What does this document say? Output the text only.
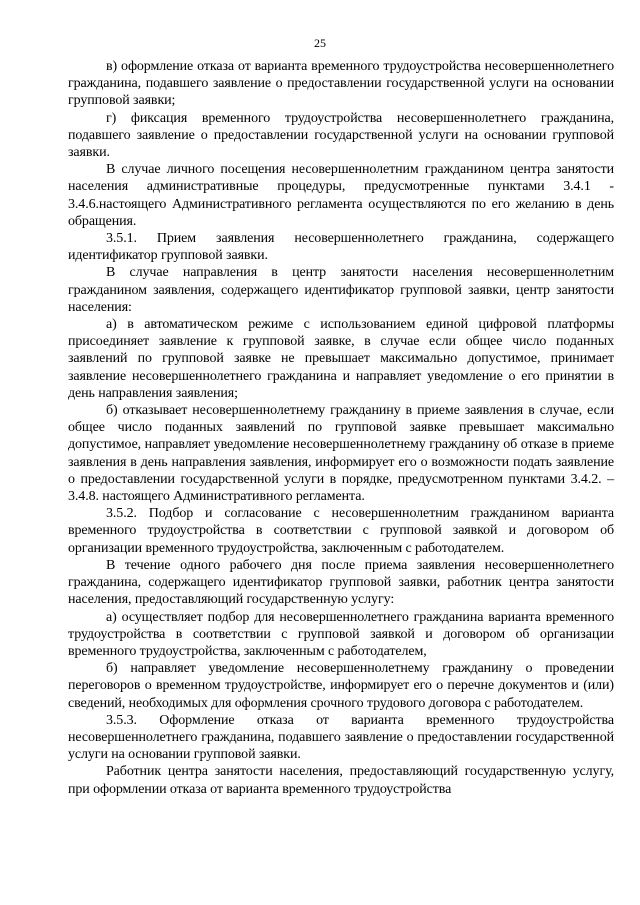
25

в) оформление отказа от варианта временного трудоустройства несовершеннолетнего гражданина, подавшего заявление о предоставлении государственной услуги на основании групповой заявки;

г) фиксация временного трудоустройства несовершеннолетнего гражданина, подавшего заявление о предоставлении государственной услуги на основании групповой заявки.

В случае личного посещения несовершеннолетним гражданином центра занятости населения административные процедуры, предусмотренные пунктами 3.4.1 - 3.4.6.настоящего Административного регламента осуществляются по его желанию в день обращения.

3.5.1. Прием заявления несовершеннолетнего гражданина, содержащего идентификатор групповой заявки.

В случае направления в центр занятости населения несовершеннолетним гражданином заявления, содержащего идентификатор групповой заявки, центр занятости населения:

а) в автоматическом режиме с использованием единой цифровой платформы присоединяет заявление к групповой заявке, в случае если общее число поданных заявлений по групповой заявке не превышает максимально допустимое, принимает заявление несовершеннолетнего гражданина и направляет уведомление о его принятии в день направления заявления;

б) отказывает несовершеннолетнему гражданину в приеме заявления в случае, если общее число поданных заявлений по групповой заявке превышает максимально допустимое, направляет уведомление несовершеннолетнему гражданину об отказе в приеме заявления в день направления заявления, информирует его о возможности подать заявление о предоставлении государственной услуги в порядке, предусмотренном пунктами 3.4.2. – 3.4.8. настоящего Административного регламента.

3.5.2. Подбор и согласование с несовершеннолетним гражданином варианта временного трудоустройства в соответствии с групповой заявкой и договором об организации временного трудоустройства, заключенным с работодателем.

В течение одного рабочего дня после приема заявления несовершеннолетнего гражданина, содержащего идентификатор групповой заявки, работник центра занятости населения, предоставляющий государственную услугу:

а) осуществляет подбор для несовершеннолетнего гражданина варианта временного трудоустройства в соответствии с групповой заявкой и договором об организации временного трудоустройства, заключенным с работодателем,

б) направляет уведомление несовершеннолетнему гражданину о проведении переговоров о временном трудоустройстве, информирует его о перечне документов и (или) сведений, необходимых для оформления срочного трудового договора с работодателем.

3.5.3. Оформление отказа от варианта временного трудоустройства несовершеннолетнего гражданина, подавшего заявление о предоставлении государственной услуги на основании групповой заявки.

Работник центра занятости населения, предоставляющий государственную услугу, при оформлении отказа от варианта временного трудоустройства
